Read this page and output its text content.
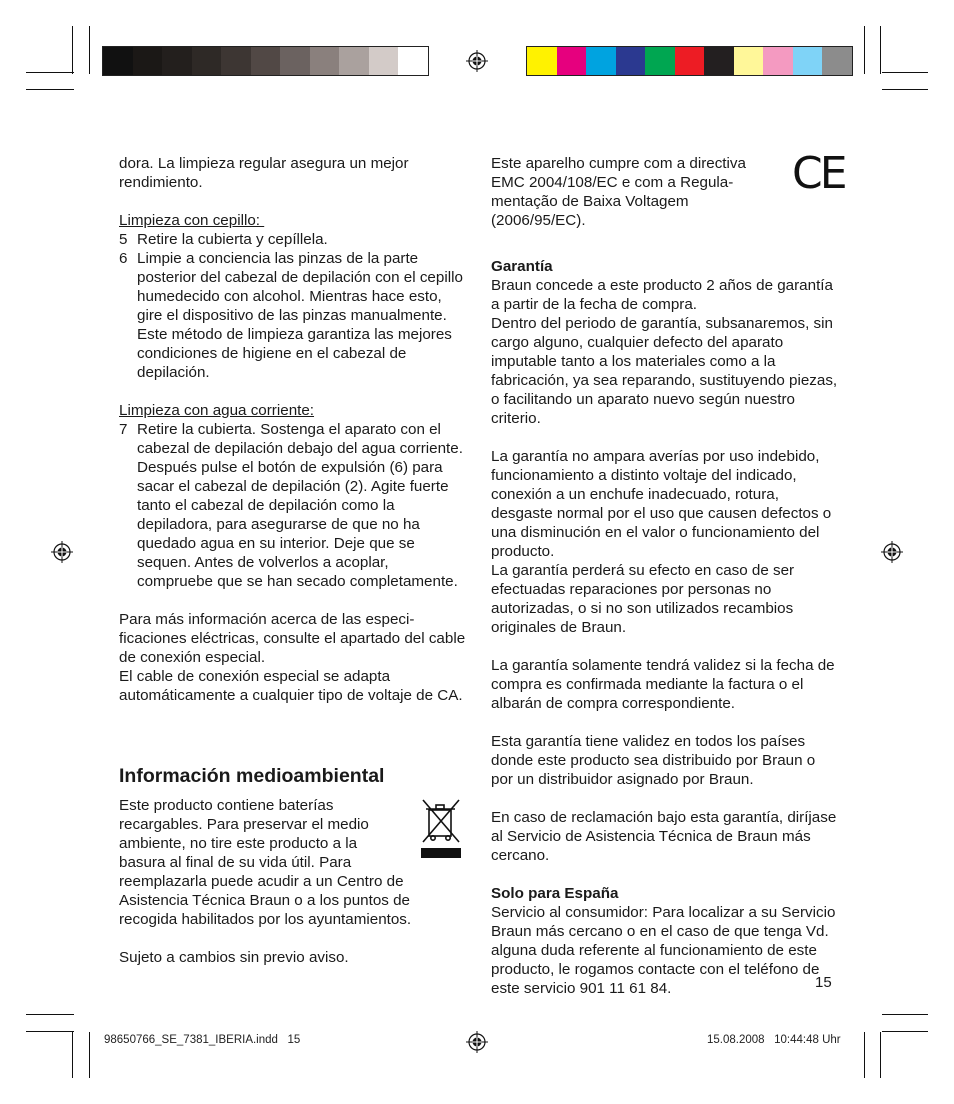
dora. La limpieza regular asegura un mejor rendimiento.

Limpieza con cepillo:

5 Retire la cubierta y cepíllela.

6 Limpie a conciencia las pinzas de la parte posterior del cabezal de depilación con el cepillo humedecido con alcohol. Mientras hace esto, gire el dispositivo de las pinzas manualmente. Este método de limpieza garantiza las mejores condiciones de higiene en el cabezal de depilación.

Limpieza con agua corriente:

7 Retire la cubierta. Sostenga el aparato con el cabezal de depilación debajo del agua corriente. Después pulse el botón de expulsión (6) para sacar el cabezal de depilación (2). Agite fuerte tanto el cabezal de depilación como la depiladora, para asegurarse de que no ha quedado agua en su interior. Deje que se sequen. Antes de volverlos a acoplar, compruebe que se han secado completamente.

Para más información acerca de las especi-ficaciones eléctricas, consulte el apartado del cable de conexión especial.

El cable de conexión especial se adapta automáticamente a cualquier tipo de voltaje de CA.

Información medioambiental

Este producto contiene baterías recargables. Para preservar el medio ambiente, no tire este producto a la basura al final de su vida útil. Para

reemplazarla puede acudir a un Centro de Asistencia Técnica Braun o a los puntos de recogida habilitados por los ayuntamientos.

Sujeto a cambios sin previo aviso.

Este aparelho cumpre com a directiva EMC 2004/108/EC e com a Regula-mentação de Baixa Voltagem (2006/95/EC).

Garantía

Braun concede a este producto 2 años de garantía a partir de la fecha de compra.

Dentro del periodo de garantía, subsanaremos, sin cargo alguno, cualquier defecto del aparato imputable tanto a los materiales como a la fabricación, ya sea reparando, sustituyendo piezas, o facilitando un aparato nuevo según nuestro criterio.

La garantía no ampara averías por uso indebido, funcionamiento a distinto voltaje del indicado, conexión a un enchufe inadecuado, rotura, desgaste normal por el uso que causen defectos o una disminución en el valor o funcionamiento del producto.

La garantía perderá su efecto en caso de ser efectuadas reparaciones por personas no autorizadas, o si no son utilizados recambios originales de Braun.

La garantía solamente tendrá validez si la fecha de compra es confirmada mediante la factura o el albarán de compra correspondiente.

Esta garantía tiene validez en todos los países donde este producto sea distribuido por Braun o por un distribuidor asignado por Braun.

En caso de reclamación bajo esta garantía, diríjase al Servicio de Asistencia Técnica de Braun más cercano.

Solo para España

Servicio al consumidor: Para localizar a su Servicio Braun más cercano o en el caso de que tenga Vd. alguna duda referente al funcionamiento de este producto, le rogamos contacte con el teléfono de este servicio 901 11 61 84.

CE
15
98650766_SE_7381_IBERIA.indd   15	15.08.2008   10:44:48 Uhr
